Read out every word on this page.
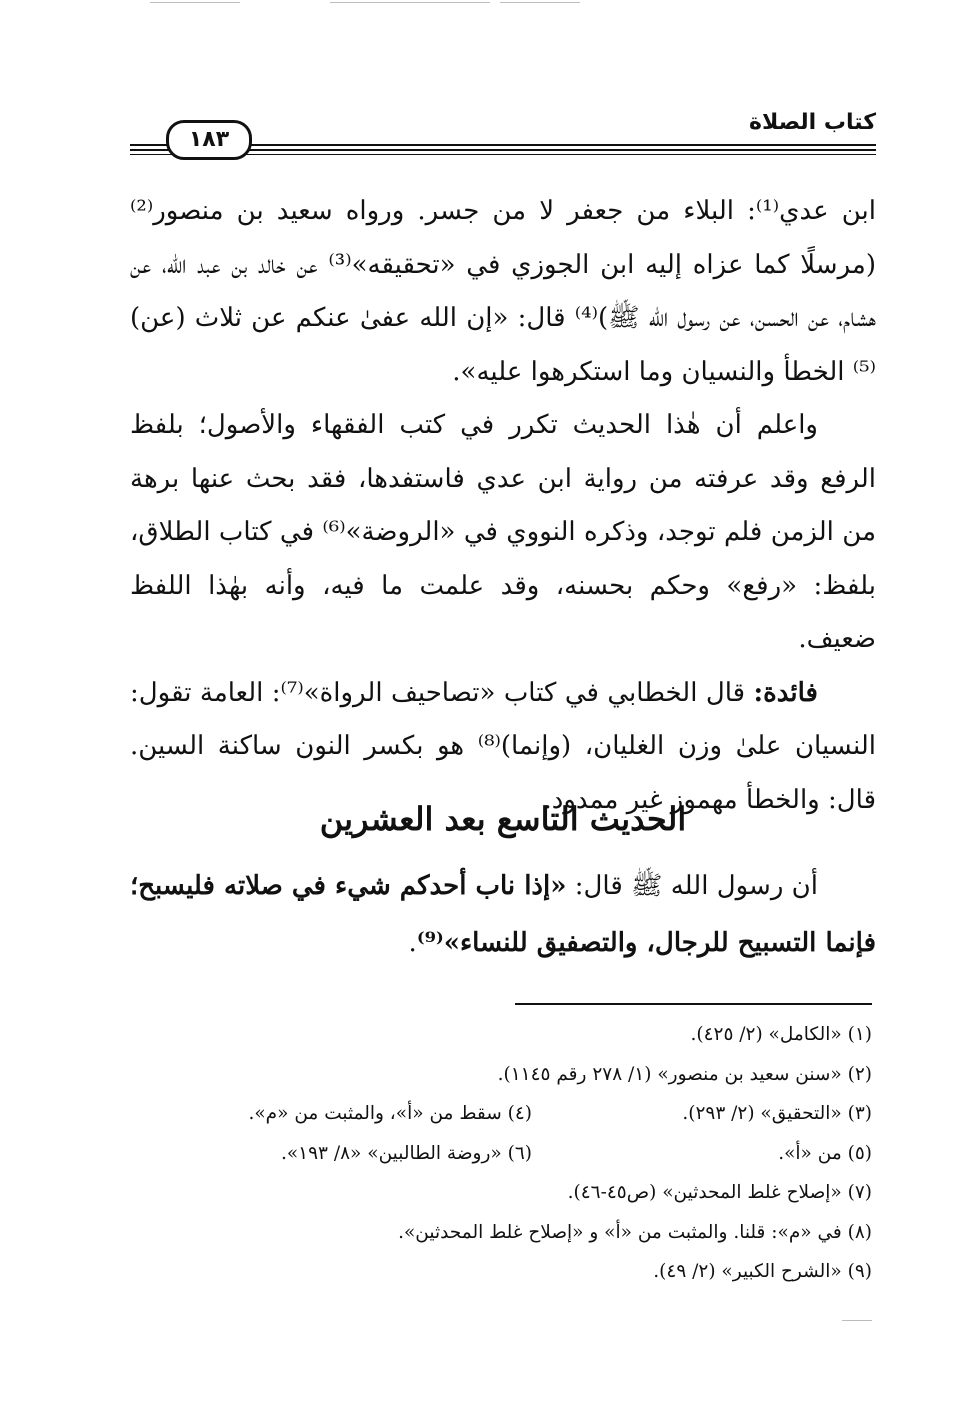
كتاب الصلاة
١٨٣

ابن عدي⁽¹⁾: البلاء من جعفر لا من جسر. ورواه سعيد بن منصور⁽²⁾ (مرسلًا كما عزاه إليه ابن الجوزي في «تحقيقه»⁽³⁾ عن خالد بن عبد الله، عن هشام، عن الحسن، عن رسول الله ﷺ)⁽⁴⁾ قال: «إن الله عفىٰ عنكم عن ثلاث (عن)⁽⁵⁾ الخطأ والنسيان وما استكرهوا عليه».

واعلم أن هٰذا الحديث تكرر في كتب الفقهاء والأصول؛ بلفظ الرفع وقد عرفته من رواية ابن عدي فاستفدها، فقد بحث عنها برهة من الزمن فلم توجد، وذكره النووي في «الروضة»⁽⁶⁾ في كتاب الطلاق، بلفظ: «رفع» وحكم بحسنه، وقد علمت ما فيه، وأنه بهٰذا اللفظ ضعيف.

فائدة: قال الخطابي في كتاب «تصاحيف الرواة»⁽⁷⁾: العامة تقول: النسيان علىٰ وزن الغليان، (وإنما)⁽⁸⁾ هو بكسر النون ساكنة السين. قال: والخطأ مهموز غير ممدود.

الحديث التاسع بعد العشرين

أن رسول الله ﷺ قال: «إذا ناب أحدكم شيء في صلاته فليسبح؛ فإنما التسبيح للرجال، والتصفيق للنساء»⁽⁹⁾.

(١) «الكامل» (٢/ ٤٢٥).
(٢) «سنن سعيد بن منصور» (١/ ٢٧٨ رقم ١١٤٥).
(٣) «التحقيق» (٢/ ٢٩٣).
(٤) سقط من «أ»، والمثبت من «م».
(٥) من «أ».
(٦) «روضة الطالبين» «٨/ ١٩٣».
(٧) «إصلاح غلط المحدثين» (ص٤٥-٤٦).
(٨) في «م»: قلنا. والمثبت من «أ» و «إصلاح غلط المحدثين».
(٩) «الشرح الكبير» (٢/ ٤٩).
